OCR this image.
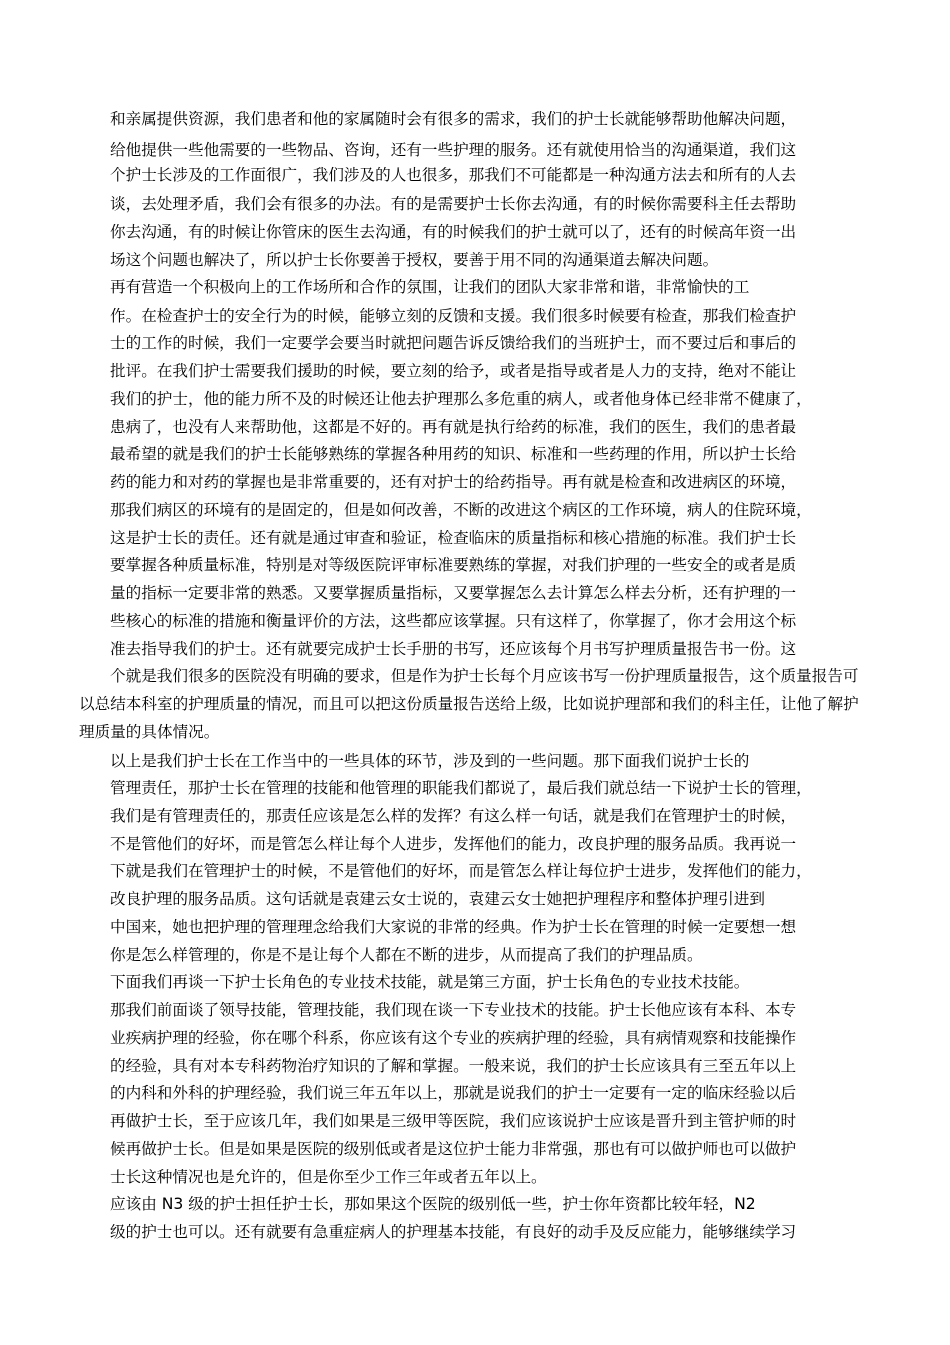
和亲属提供资源，我们患者和他的家属随时会有很多的需求，我们的护士长就能够帮助他解决问题，
给他提供一些他需要的一些物品、咨询，还有一些护理的服务。还有就使用恰当的沟通渠道，我们这
个护士长涉及的工作面很广，我们涉及的人也很多，那我们不可能都是一种沟通方法去和所有的人去
谈，去处理矛盾，我们会有很多的办法。有的是需要护士长你去沟通，有的时候你需要科主任去帮助
你去沟通，有的时候让你管床的医生去沟通，有的时候我们的护士就可以了，还有的时候高年资一出
场这个问题也解决了，所以护士长你要善于授权，要善于用不同的沟通渠道去解决问题。
再有营造一个积极向上的工作场所和合作的氛围，让我们的团队大家非常和谐，非常愉快的工
作。在检查护士的安全行为的时候，能够立刻的反馈和支援。我们很多时候要有检查，那我们检查护
士的工作的时候，我们一定要学会要当时就把问题告诉反馈给我们的当班护士，而不要过后和事后的
批评。在我们护士需要我们援助的时候，要立刻的给予，或者是指导或者是人力的支持，绝对不能让
我们的护士，他的能力所不及的时候还让他去护理那么多危重的病人，或者他身体已经非常不健康了，
患病了，也没有人来帮助他，这都是不好的。再有就是执行给药的标准，我们的医生，我们的患者最
最希望的就是我们的护士长能够熟练的掌握各种用药的知识、标准和一些药理的作用，所以护士长给
药的能力和对药的掌握也是非常重要的，还有对护士的给药指导。再有就是检查和改进病区的环境，
那我们病区的环境有的是固定的，但是如何改善，不断的改进这个病区的工作环境，病人的住院环境，
这是护士长的责任。还有就是通过审查和验证，检查临床的质量指标和核心措施的标准。我们护士长
要掌握各种质量标准，特别是对等级医院评审标准要熟练的掌握，对我们护理的一些安全的或者是质
量的指标一定要非常的熟悉。又要掌握质量指标，又要掌握怎么去计算怎么样去分析，还有护理的一
些核心的标准的措施和衡量评价的方法，这些都应该掌握。只有这样了，你掌握了，你才会用这个标
准去指导我们的护士。还有就要完成护士长手册的书写，还应该每个月书写护理质量报告书一份。这
个就是我们很多的医院没有明确的要求，但是作为护士长每个月应该书写一份护理质量报告，这个质量报告可
以总结本科室的护理质量的情况，而且可以把这份质量报告送给上级，比如说护理部和我们的科主任，让他了解护
理质量的具体情况。
以上是我们护士长在工作当中的一些具体的环节，涉及到的一些问题。那下面我们说护士长的
管理责任，那护士长在管理的技能和他管理的职能我们都说了，最后我们就总结一下说护士长的管理，
我们是有管理责任的，那责任应该是怎么样的发挥？有这么样一句话，就是我们在管理护士的时候，
不是管他们的好坏，而是管怎么样让每个人进步，发挥他们的能力，改良护理的服务品质。我再说一
下就是我们在管理护士的时候，不是管他们的好坏，而是管怎么样让每位护士进步，发挥他们的能力，
改良护理的服务品质。这句话就是袁建云女士说的，袁建云女士她把护理程序和整体护理引进到
中国来，她也把护理的管理理念给我们大家说的非常的经典。作为护士长在管理的时候一定要想一想
你是怎么样管理的，你是不是让每个人都在不断的进步，从而提高了我们的护理品质。
下面我们再谈一下护士长角色的专业技术技能，就是第三方面，护士长角色的专业技术技能。
那我们前面谈了领导技能，管理技能，我们现在谈一下专业技术的技能。护士长他应该有本科、本专
业疾病护理的经验，你在哪个科系，你应该有这个专业的疾病护理的经验，具有病情观察和技能操作
的经验，具有对本专科药物治疗知识的了解和掌握。一般来说，我们的护士长应该具有三至五年以上
的内科和外科的护理经验，我们说三年五年以上，那就是说我们的护士一定要有一定的临床经验以后
再做护士长，至于应该几年，我们如果是三级甲等医院，我们应该说护士应该是晋升到主管护师的时
候再做护士长。但是如果是医院的级别低或者是这位护士能力非常强，那也有可以做护师也可以做护
士长这种情况也是允许的，但是你至少工作三年或者五年以上。
应该由 N3 级的护士担任护士长，那如果这个医院的级别低一些，护士你年资都比较年轻，N2
级的护士也可以。还有就要有急重症病人的护理基本技能，有良好的动手及反应能力，能够继续学习
